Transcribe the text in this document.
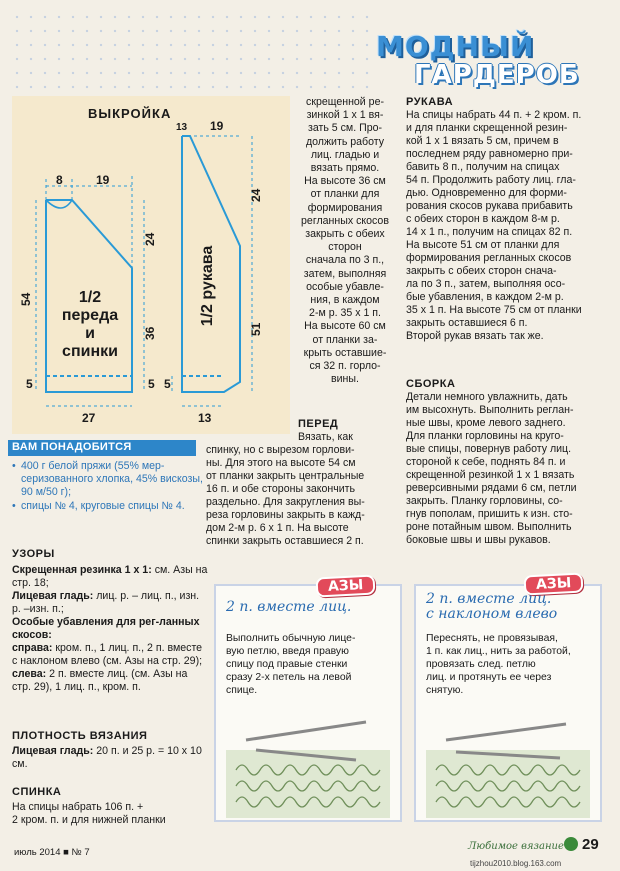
МОДНЫЙ
ГАРДЕРОБ
ВЫКРОЙКА
8	19
54
24
36
5	5
27
13 19
24
51
5
13
1/2
переда
и
спинки
1/2 рукава

скрещенной ре-

зинкой 1 х 1 вя-

зать 5 см. Про-

должить работу

лиц. гладью и

вязать прямо.

На высоте 36 см

от планки для

формирования

регланных скосов

закрыть с обеих

сторон

сначала по 3 п.,

затем, выполняя

особые убавле-

ния, в каждом

2-м р. 35 х 1 п.

На высоте 60 см

от планки за-

крыть оставшие-

ся 32 п. горло-

вины.

ПЕРЕД

Вязать, как

спинку, но с вырезом горлови-

ны. Для этого на высоте 54 см

от планки закрыть центральные

16 п. и обе стороны закончить

раздельно. Для закругления вы-

реза горловины закрыть в кажд-

дом 2-м р. 6 х 1 п. На высоте

спинки закрыть оставшиеся 2 п.

РУКАВА

На спицы набрать 44 п. + 2 кром. п.

и для планки скрещенной резин-

кой 1 х 1 вязать 5 см, причем в

последнем ряду равномерно при-

бавить 8 п., получим на спицах

54 п. Продолжить работу лиц. гла-

дью. Одновременно для форми-

рования скосов рукава прибавить

с обеих сторон в каждом 8-м р.

14 х 1 п., получим на спицах 82 п.

На высоте 51 см от планки для

формирования регланных скосов

закрыть с обеих сторон снача-

ла по 3 п., затем, выполняя осо-

бые убавления, в каждом 2-м р.

35 х 1 п. На высоте 75 см от планки

закрыть оставшиеся 6 п.

Второй рукав вязать так же.

СБОРКА

Детали немного увлажнить, дать

им высохнуть. Выполнить реглан-

ные швы, кроме левого заднего.

Для планки горловины на круго-

вые спицы, повернув работу лиц.

стороной к себе, поднять 84 п. и

скрещенной резинкой 1 х 1 вязать

реверсивными рядами 6 см, петли

закрыть. Планку горловины, со-

гнув пополам, пришить к изн. сто-

роне потайным швом. Выполнить

боковые швы и швы рукавов.

ВАМ ПОНАДОБИТСЯ
• 400 г белой пряжи (55% мер-серизованного хлопка, 45% вискозы, 90 м/50 г);
• спицы № 4, круговые спицы № 4.

УЗОРЫ

Скрещенная резинка 1 х 1: см. Азы на стр. 18;

Лицевая гладь: лиц. р. – лиц. п., изн. р. –изн. п.;

Особые убавления для рег-ланных скосов:

справа: кром. п., 1 лиц. п., 2 п. вместе с наклоном влево (см. Азы на стр. 29);

слева: 2 п. вместе лиц. (см. Азы на стр. 29), 1 лиц. п., кром. п.

ПЛОТНОСТЬ ВЯЗАНИЯ

Лицевая гладь: 20 п. и 25 р. = 10 х 10 см.

СПИНКА

На спицы набрать 106 п. +

2 кром. п. и для нижней планки

АЗЫ
2 п. вместе лиц.

Выполнить обычную лице-

вую петлю, введя правую

спицу под правые стенки

сразу 2-х петель на левой

спице.

АЗЫ
2 п. вместе лиц.
с наклоном влево

Переснять, не провязывая,

1 п. как лиц., нить за работой,

провязать след. петлю

лиц. и протянуть ее через

снятую.

июль 2014 ■ № 7
Любимое вязание 29
tijzhou2010.blog.163.com
